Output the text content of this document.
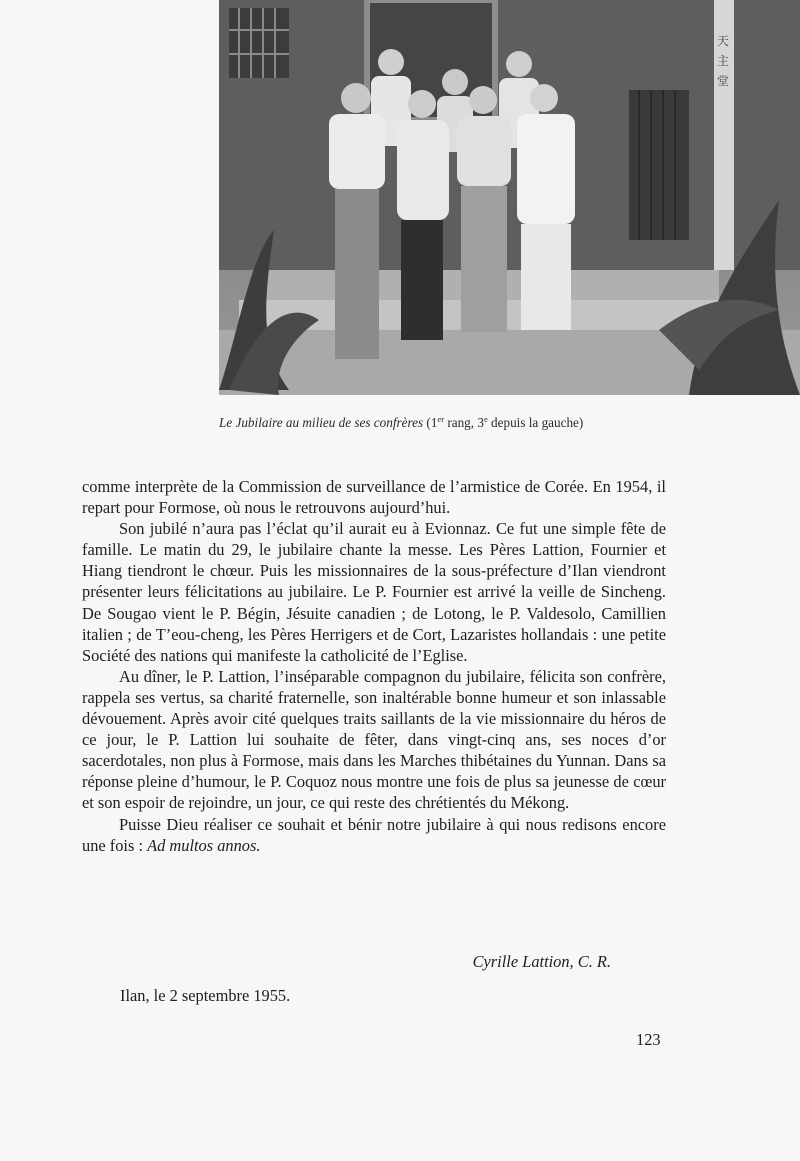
天
主
堂
Le Jubilaire au milieu de ses confrères (1er rang, 3e depuis la gauche)

comme interprète de la Commission de surveillance de l’armistice de Corée. En 1954, il repart pour Formose, où nous le retrouvons aujourd’hui.

Son jubilé n’aura pas l’éclat qu’il aurait eu à Evionnaz. Ce fut une simple fête de famille. Le matin du 29, le jubilaire chante la messe. Les Pères Lattion, Fournier et Hiang tiendront le chœur. Puis les missionnaires de la sous-préfecture d’Ilan viendront présenter leurs félicitations au jubilaire. Le P. Fournier est arrivé la veille de Sincheng. De Sougao vient le P. Bégin, Jésuite canadien ; de Lotong, le P. Valdesolo, Camillien italien ; de T’eou-cheng, les Pères Herrigers et de Cort, Lazaristes hollandais : une petite Société des nations qui manifeste la catholicité de l’Eglise.

Au dîner, le P. Lattion, l’inséparable compagnon du jubilaire, félicita son confrère, rappela ses vertus, sa charité fraternelle, son inaltérable bonne humeur et son inlassable dévouement. Après avoir cité quelques traits saillants de la vie missionnaire du héros de ce jour, le P. Lattion lui souhaite de fêter, dans vingt-cinq ans, ses noces d’or sacerdotales, non plus à Formose, mais dans les Marches thibétaines du Yunnan. Dans sa réponse pleine d’humour, le P. Coquoz nous montre une fois de plus sa jeunesse de cœur et son espoir de rejoindre, un jour, ce qui reste des chrétientés du Mékong.

Puisse Dieu réaliser ce souhait et bénir notre jubilaire à qui nous redisons encore une fois : Ad multos annos.

Cyrille Lattion, C. R.
Ilan, le 2 septembre 1955.
123
